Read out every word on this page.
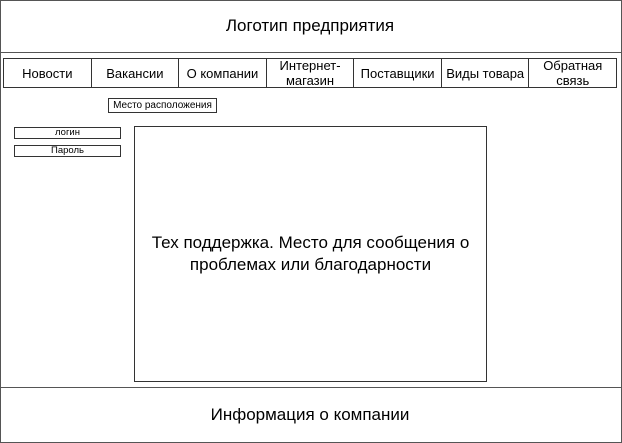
Логотип предприятия
Новости	Вакансии О компании Интернет-
магазин	Поставщики Виды товара Обратная
связь
Место расположения
логин
Пароль
Тех поддержка. Место для сообщения о проблемах или благодарности
Информация о компании
